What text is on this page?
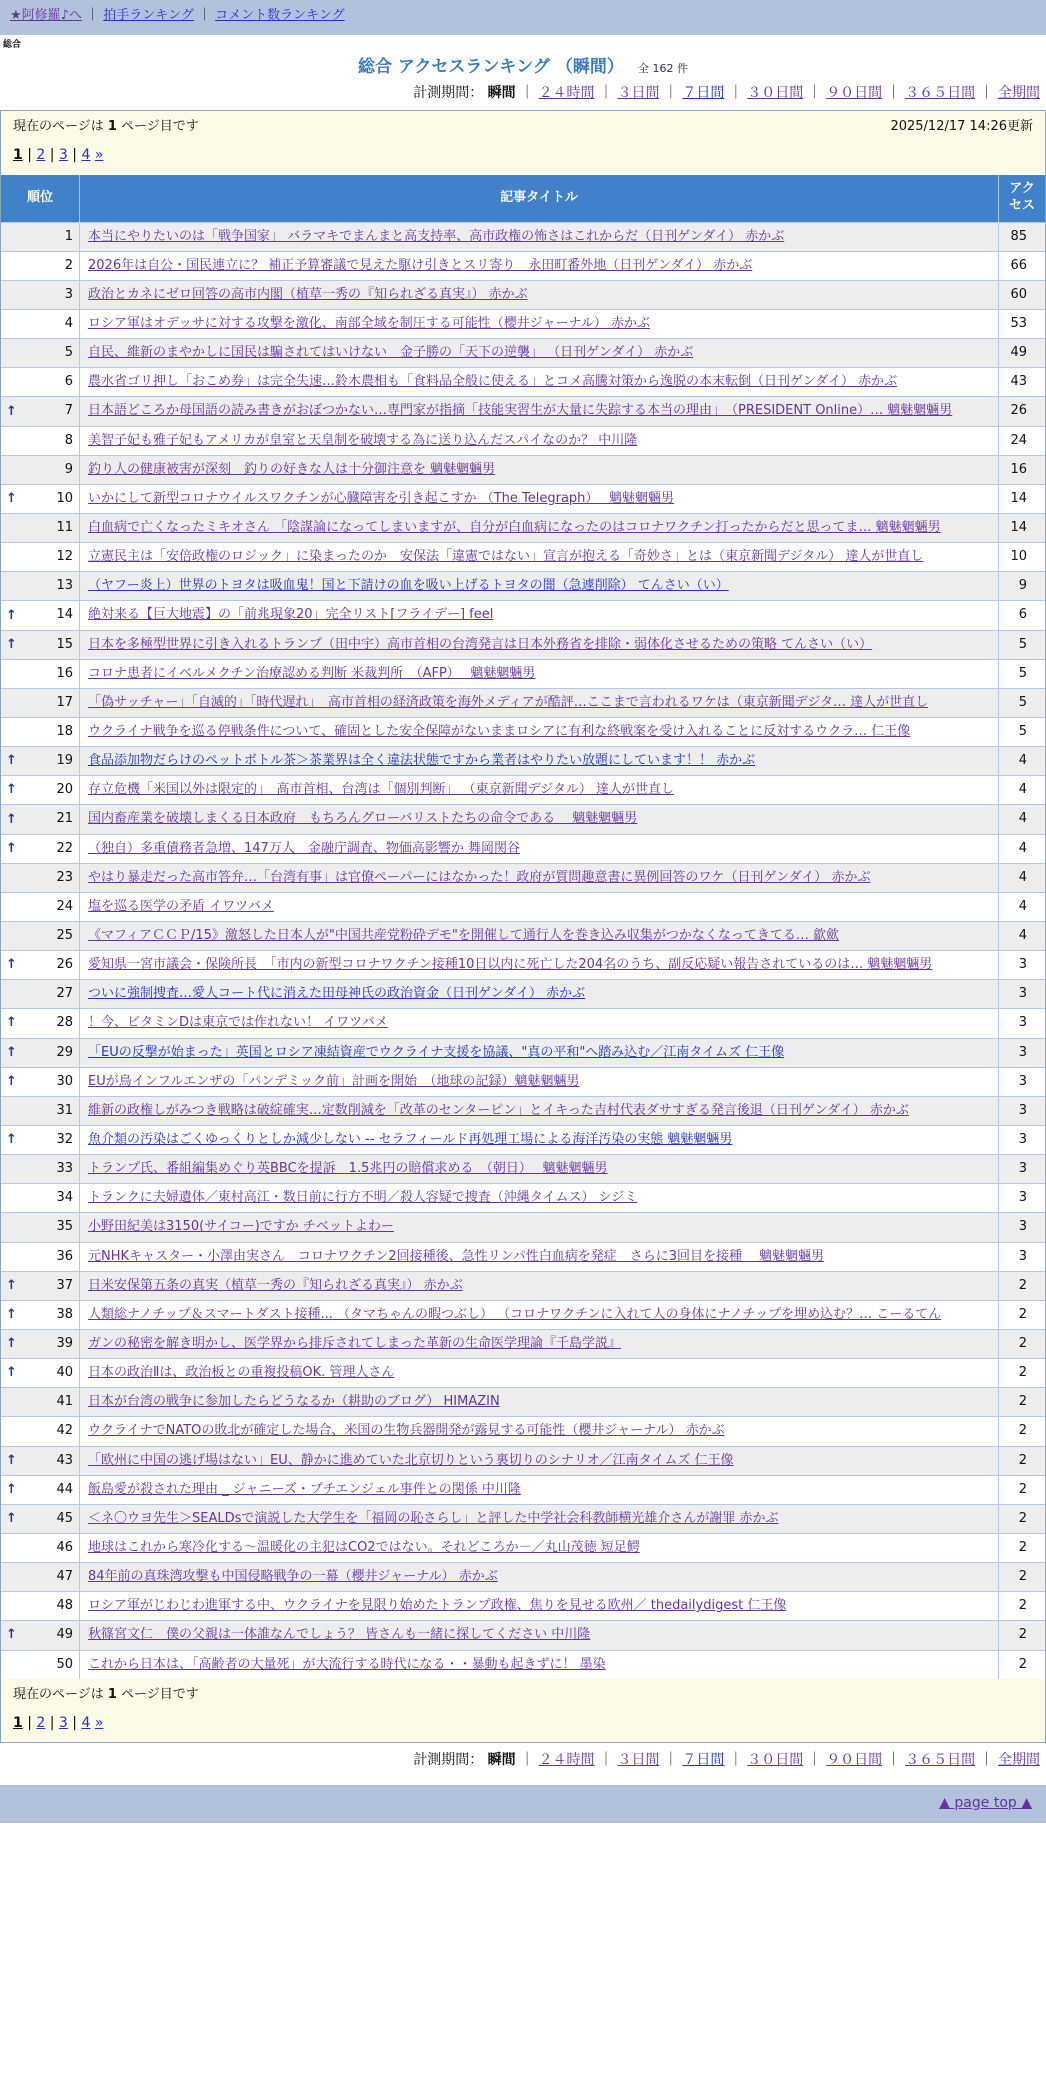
★阿修羅♪へ ｜ 拍手ランキング ｜ コメント数ランキング
総合
総合 アクセスランキング （瞬間） 全 162 件
計測期間： 瞬間 ｜ ２４時間 ｜ ３日間 ｜ ７日間 ｜ ３０日間 ｜ ９０日間 ｜ ３６５日間 ｜ 全期間
現在のページは 1 ページ目です	2025/12/17 14:26更新
1 | 2 | 3 | 4 »
順位	記事タイトル	アクセス
1	本当にやりたいのは「戦争国家」 バラマキでまんまと高支持率、高市政権の怖さはこれからだ（日刊ゲンダイ） 赤かぶ	85
2	2026年は自公・国民連立に？ 補正予算審議で見えた駆け引きとスリ寄り　永田町番外地（日刊ゲンダイ） 赤かぶ	66
3	政治とカネにゼロ回答の高市内閣（植草一秀の『知られざる真実』） 赤かぶ	60
4	ロシア軍はオデッサに対する攻撃を激化、南部全域を制圧する可能性（櫻井ジャーナル） 赤かぶ	53
5	自民、維新のまやかしに国民は騙されてはいけない　金子勝の「天下の逆襲」 （日刊ゲンダイ） 赤かぶ	49
6	農水省ゴリ押し「おこめ券」は完全失速…鈴木農相も「食料品全般に使える」とコメ高騰対策から逸脱の本末転倒（日刊ゲンダイ） 赤かぶ	43

↑ 7	日本語どころか母国語の読み書きがおぼつかない…専門家が指摘「技能実習生が大量に失踪する本当の理由」　（PRESIDENT Online）… 魑魅魍魎男	26
8	美智子妃も雅子妃もアメリカが皇室と天皇制を破壊する為に送り込んだスパイなのか？ 中川隆	24
9	釣り人の健康被害が深刻　釣りの好きな人は十分御注意を 魑魅魍魎男	16

↑ 10	いかにして新型コロナウイルスワクチンが心臓障害を引き起こすか （The Telegraph）　 魑魅魍魎男	14
11	白血病で亡くなったミキオさん 「陰謀論になってしまいますが、自分が白血病になったのはコロナワクチン打ったからだと思ってま… 魑魅魍魎男	14
12	立憲民主は「安倍政権のロジック」に染まったのか　安保法「違憲ではない」宣言が抱える「奇妙さ」とは（東京新聞デジタル） 達人が世直し	10
13	（ヤフー炎上）世界のトヨタは吸血鬼！国と下請けの血を吸い上げるトヨタの闇（急遽削除） てんさい（い）	9

↑ 14	絶対来る【巨大地震】の「前兆現象20」完全リスト[フライデー] feel	6

↑ 15	日本を多極型世界に引き入れるトランプ（田中宇）高市首相の台湾発言は日本外務省を排除・弱体化させるための策略 てんさい（い）	5
16	コロナ患者にイベルメクチン治療認める判断 米裁判所　（AFP）　 魑魅魍魎男	5
17	「偽サッチャー」「自滅的」「時代遅れ」　高市首相の経済政策を海外メディアが酷評…ここまで言われるワケは（東京新聞デジタ… 達人が世直し	5
18	ウクライナ戦争を巡る停戦条件について、確固とした安全保障がないままロシアに有利な終戦案を受け入れることに反対するウクラ… 仁王像	5

↑ 19	食品添加物だらけのペットボトル茶＞茶業界は全く違法状態ですから業者はやりたい放題にしています！！ 赤かぶ	4

↑ 20	存立危機「米国以外は限定的」　高市首相、台湾は「個別判断」 （東京新聞デジタル） 達人が世直し	4

↑ 21	国内畜産業を破壊しまくる日本政府　もちろんグローバリストたちの命令である　 魑魅魍魎男	4

↑ 22	（独自）多重債務者急増、147万人　金融庁調査、物価高影響か 舞岡関谷	4
23	やはり暴走だった高市答弁…「台湾有事」は官僚ペーパーにはなかった！政府が質問趣意書に異例回答のワケ（日刊ゲンダイ） 赤かぶ	4
24	塩を巡る医学の矛盾 イワツバメ	4
25	《マフィアＣＣＰ/15》激怒した日本人が"中国共産党粉砕デモ"を開催して通行人を巻き込み収集がつかなくなってきてる… 歙歛	4

↑ 26	愛知県一宮市議会・保険所長　「市内の新型コロナワクチン接種10日以内に死亡した204名のうち、副反応疑い報告されているのは… 魑魅魍魎男	3
27	ついに強制捜査…愛人コート代に消えた田母神氏の政治資金（日刊ゲンダイ） 赤かぶ	3

↑ 28	！今、ビタミンDは東京では作れない！ イワツバメ	3

↑ 29	「EUの反撃が始まった」英国とロシア凍結資産でウクライナ支援を協議、"真の平和"へ踏み込む／江南タイムズ 仁王像	3

↑ 30	EUが鳥インフルエンザの「パンデミック前」計画を開始　（地球の記録）魑魅魍魎男	3
31	維新の政権しがみつき戦略は破綻確実…定数削減を「改革のセンターピン」とイキった吉村代表ダサすぎる発言後退（日刊ゲンダイ） 赤かぶ	3

↑ 32	魚介類の汚染はごくゆっくりとしか減少しない -- セラフィールド再処理工場による海洋汚染の実態 魑魅魍魎男	3
33	トランプ氏、番組編集めぐり英BBCを提訴　1.5兆円の賠償求める　（朝日）　 魑魅魍魎男	3
34	トランクに夫婦遺体／東村高江・数日前に行方不明／殺人容疑で捜査（沖縄タイムス） シジミ	3
35	小野田紀美は3150(サイコー)ですか チベットよわー	3
36	元NHKキャスター・小澤由実さん　コロナワクチン2回接種後、急性リンパ性白血病を発症　さらに3回目を接種　 魑魅魍魎男	3

↑ 37	日米安保第五条の真実（植草一秀の『知られざる真実』） 赤かぶ	2

↑ 38	人類総ナノチップ＆スマートダスト接種... （タマちゃんの暇つぶし） （コロナワクチンに入れて人の身体にナノチップを埋め込む？… こーるてん	2

↑ 39	ガンの秘密を解き明かし、医学界から排斥されてしまった革新の生命医学理論『千島学説』	2

↑ 40	日本の政治Ⅱは、政治板との重複投稿OK. 管理人さん	2
41	日本が台湾の戦争に参加したらどうなるか（耕助のブログ） HIMAZIN	2
42	ウクライナでNATOの敗北が確定した場合、米国の生物兵器開発が露見する可能性（櫻井ジャーナル） 赤かぶ	2

↑ 43	「欧州に中国の逃げ場はない」EU、静かに進めていた北京切りという裏切りのシナリオ／江南タイムズ 仁王像	2

↑ 44	飯島愛が殺された理由 _ ジャニーズ・プチエンジェル事件との関係 中川隆	2

↑ 45	＜ネ〇ウヨ先生＞SEALDsで演説した大学生を「福岡の恥さらし」と評した中学社会科教師横光雄介さんが謝罪 赤かぶ	2
46	地球はこれから寒冷化する～温暖化の主犯はCO2ではない。それどころか－／丸山茂徳 短足鰐	2
47	84年前の真珠湾攻撃も中国侵略戦争の一幕（櫻井ジャーナル） 赤かぶ	2
48	ロシア軍がじわじわ進軍する中、ウクライナを見限り始めたトランプ政権、焦りを見せる欧州／ thedailydigest 仁王像	2

↑ 49	秋篠宮文仁　僕の父親は一体誰なんでしょう？ 皆さんも一緒に探してください 中川隆	2
50	これから日本は、「高齢者の大量死」が大流行する時代になる・・暴動も起きずに！ 墨染	2
現在のページは 1 ページ目です
1 | 2 | 3 | 4 »
計測期間： 瞬間 ｜ ２４時間 ｜ ３日間 ｜ ７日間 ｜ ３０日間 ｜ ９０日間 ｜ ３６５日間 ｜ 全期間
▲ page top ▲
